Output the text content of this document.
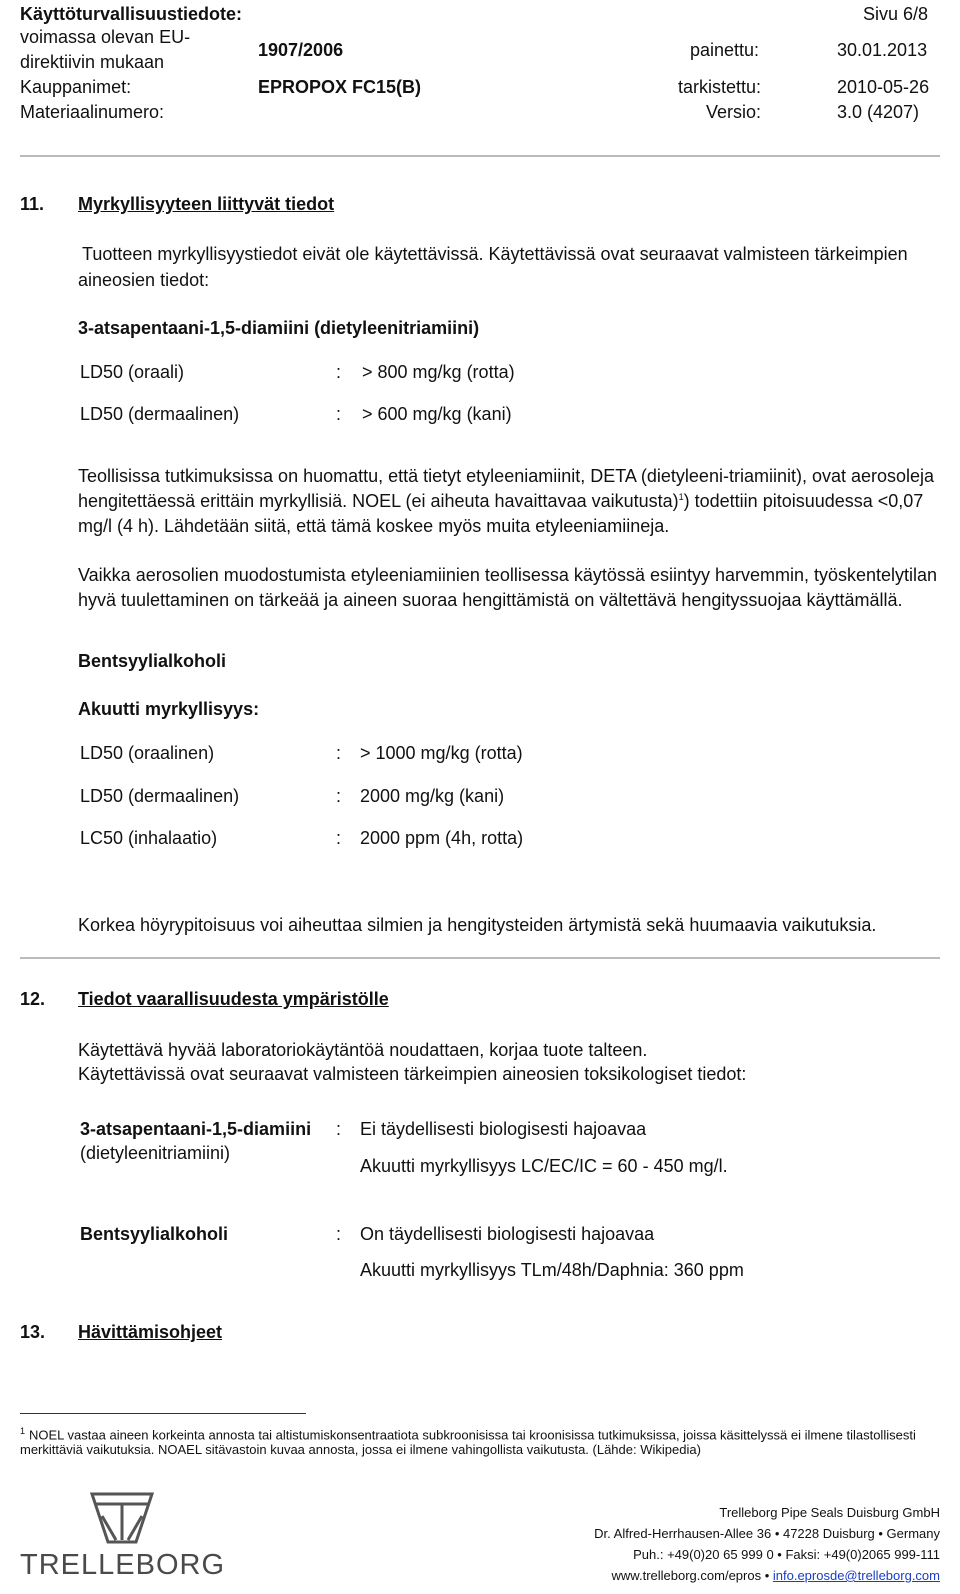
Käyttöturvallisuustiedote:	Sivu 6/8
voimassa olevan EU-
direktiivin mukaan
1907/2006	painettu:	30.01.2013
Kauppanimet:	EPROPOX FC15(B)	tarkistettu:	2010-05-26
Materiaalinumero:	Versio:	3.0 (4207)
11. Myrkyllisyyteen liittyvät tiedot
Tuotteen myrkyllisyystiedot eivät ole käytettävissä. Käytettävissä ovat seuraavat valmisteen tärkeimpien
aineosien tiedot:
3-atsapentaani-1,5-diamiini (dietyleenitriamiini)
LD50 (oraali)	: > 800 mg/kg (rotta)
LD50 (dermaalinen)	: > 600 mg/kg (kani)
Teollisissa tutkimuksissa on huomattu, että tietyt etyleeniamiinit, DETA (dietyleeni-triamiinit), ovat aerosoleja
hengitettäessä erittäin myrkyllisiä. NOEL (ei aiheuta havaittavaa vaikutusta)$^1$) todettiin pitoisuudessa <0,07
mg/l (4 h). Lähdetään siitä, että tämä koskee myös muita etyleeniamiineja.
Vaikka aerosolien muodostumista etyleeniamiinien teollisessa käytössä esiintyy harvemmin, työskentelytilan
hyvä tuulettaminen on tärkeää ja aineen suoraa hengittämistä on vältettävä hengityssuojaa käyttämällä.
Bentsyylialkoholi
Akuutti myrkyllisyys:
LD50 (oraalinen)	: > 1000 mg/kg (rotta)
LD50 (dermaalinen)	: 2000 mg/kg (kani)
LC50 (inhalaatio)	: 2000 ppm (4h, rotta)
Korkea höyrypitoisuus voi aiheuttaa silmien ja hengitysteiden ärtymistä sekä huumaavia vaikutuksia.
12. Tiedot vaarallisuudesta ympäristölle
Käytettävä hyvää laboratoriokäytäntöä noudattaen, korjaa tuote talteen.
Käytettävissä ovat seuraavat valmisteen tärkeimpien aineosien toksikologiset tiedot:
3-atsapentaani-1,5-diamiini
(dietyleenitriamiini)
: Ei täydellisesti biologisesti hajoavaa
Akuutti myrkyllisyys LC/EC/IC = 60 - 450 mg/l.
Bentsyylialkoholi	: On täydellisesti biologisesti hajoavaa
Akuutti myrkyllisyys TLm/48h/Daphnia: 360 ppm
13. Hävittämisohjeet
$^1$ NOEL vastaa aineen korkeinta annosta tai altistumiskonsentraatiota subkroonisissa tai kroonisissa tutkimuksissa, joissa käsittelyssä ei ilmene tilastollisesti
merkittäviä vaikutuksia. NOAEL sitävastoin kuvaa annosta, jossa ei ilmene vahingollista vaikutusta. (Lähde: Wikipedia)
TRELLEBORG
Trelleborg Pipe Seals Duisburg GmbH
Dr. Alfred-Herrhausen-Allee 36 • 47228 Duisburg • Germany
Puh.: +49(0)20 65 999 0 • Faksi: +49(0)2065 999-111
www.trelleborg.com/epros • info.eprosde@trelleborg.com
